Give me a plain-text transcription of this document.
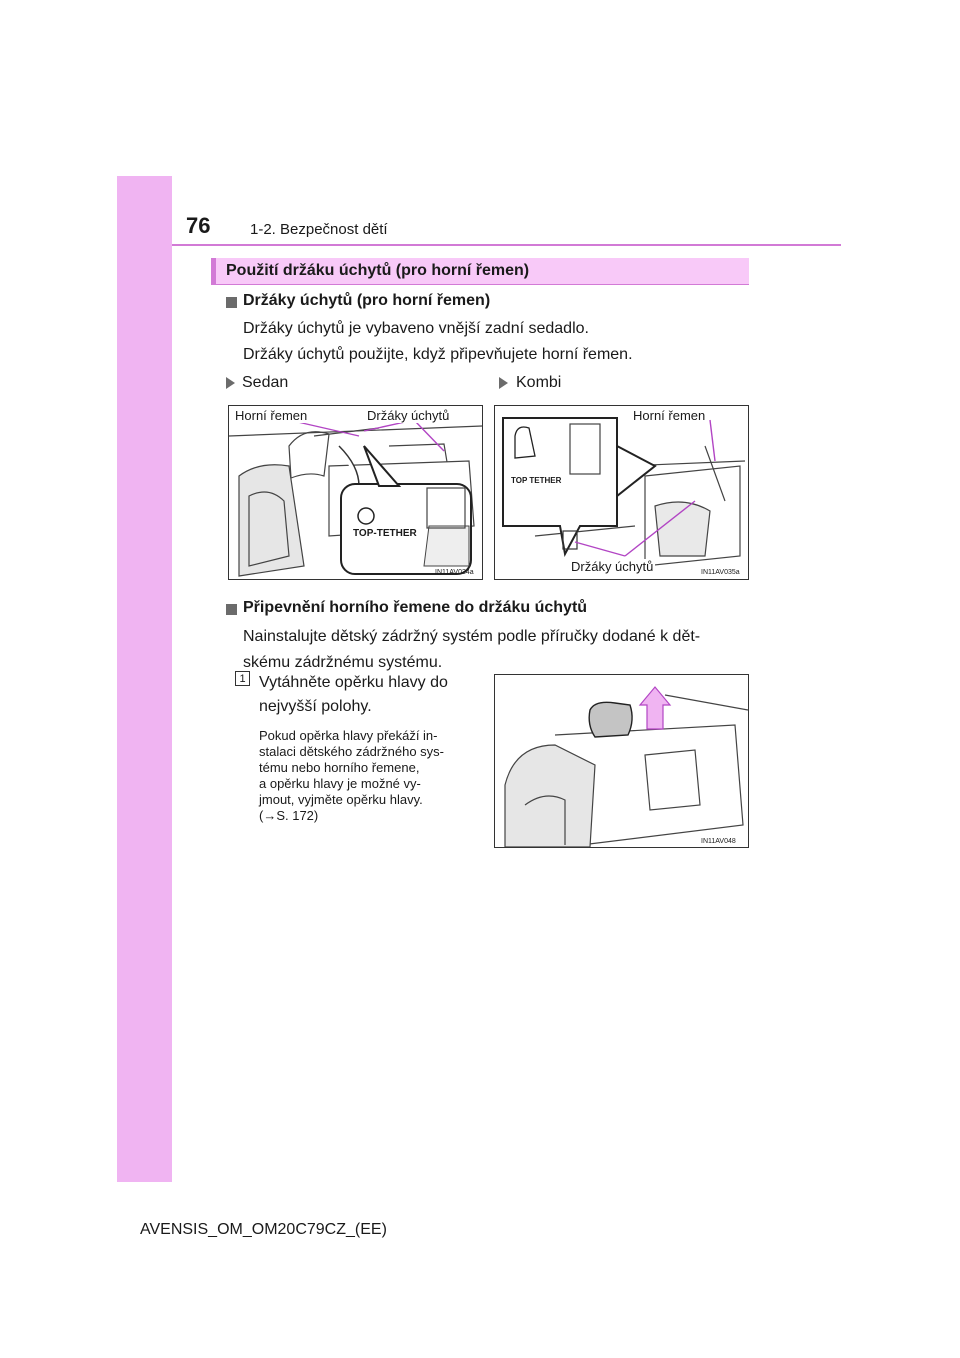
76	1-2. Bezpečnost dětí
Použití držáku úchytů (pro horní řemen)
Držáky úchytů (pro horní řemen)
Držáky úchytů je vybaveno vnější zadní sedadlo.
Držáky úchytů použijte, když připevňujete horní řemen.
Sedan	Kombi
Horní řemen	Držáky úchytů
TOP-TETHER
IN11AV034a
Horní řemen
Držáky úchytů
TOP TETHER
IN11AV035a
Připevnění horního řemene do držáku úchytů
Nainstalujte dětský zádržný systém podle příručky dodané k dět-
skému zádržnému systému.
1 Vytáhněte opěrku hlavy do
nejvyšší polohy.
Pokud opěrka hlavy překáží in-
stalaci dětského zádržného sys-
tému nebo horního řemene,
a opěrku hlavy je možné vy-
jmout, vyjměte opěrku hlavy.
(→S. 172)
IN11AV048
AVENSIS_OM_OM20C79CZ_(EE)
